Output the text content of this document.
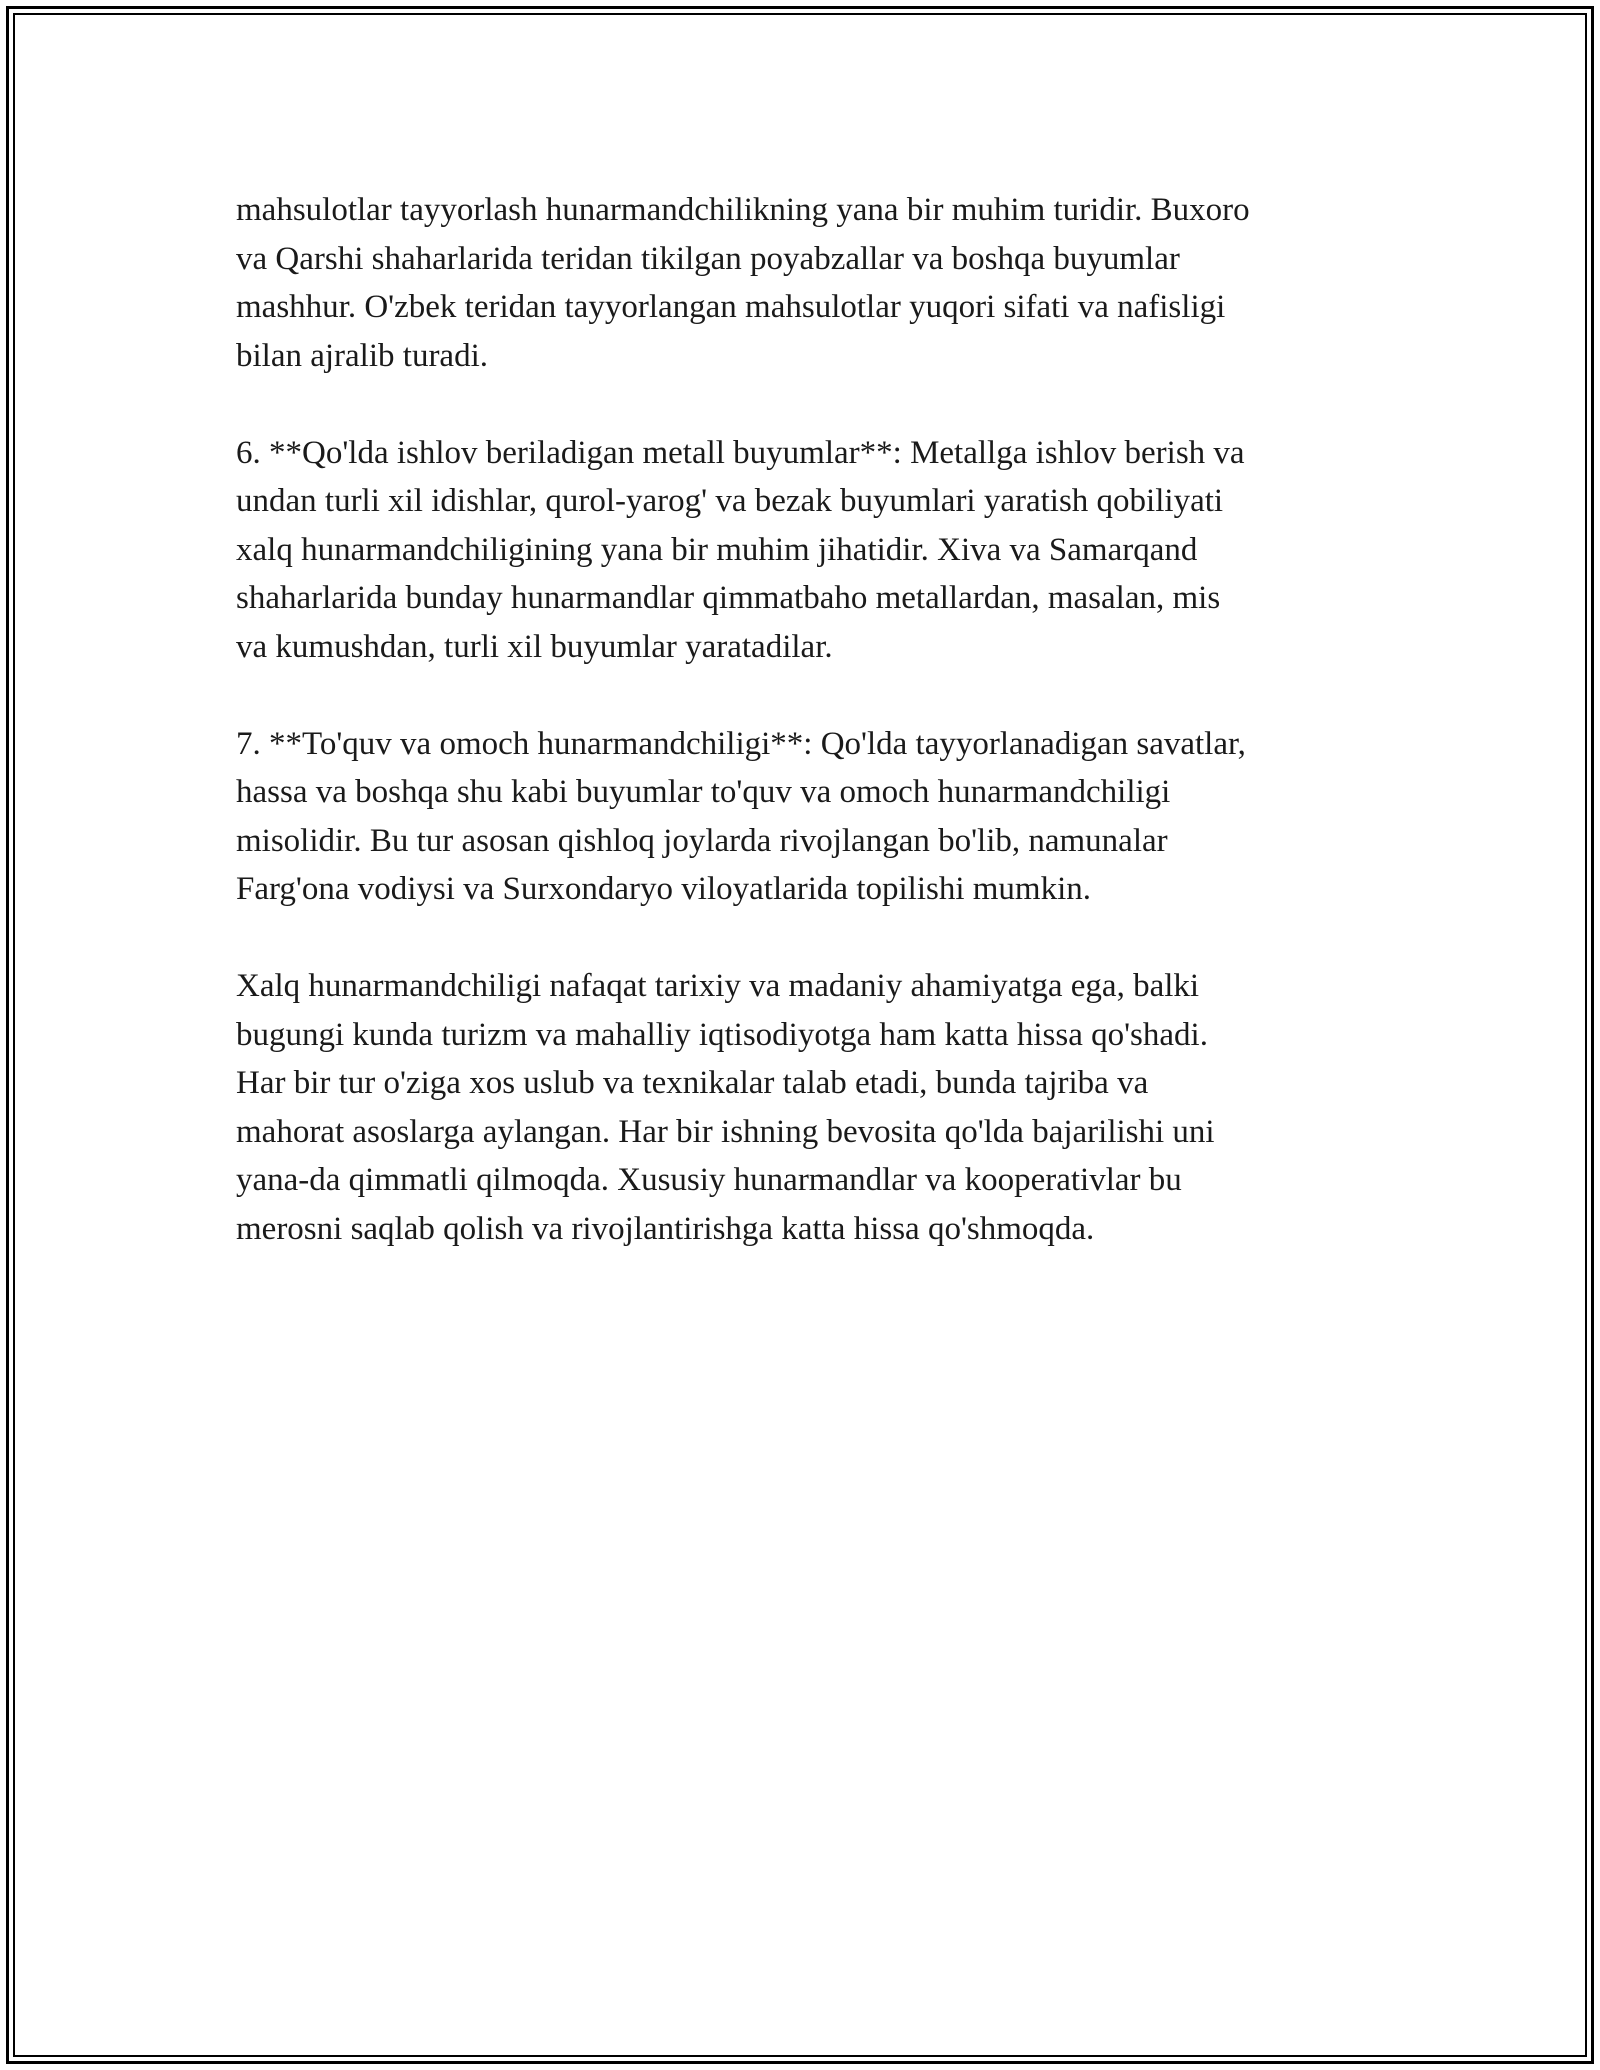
mahsulotlar tayyorlash hunarmandchilikning yana bir muhim turidir. Buxoro
va Qarshi shaharlarida teridan tikilgan poyabzallar va boshqa buyumlar
mashhur. O'zbek teridan tayyorlangan mahsulotlar yuqori sifati va nafisligi
bilan ajralib turadi.

6. **Qo'lda ishlov beriladigan metall buyumlar**: Metallga ishlov berish va
undan turli xil idishlar, qurol-yarog' va bezak buyumlari yaratish qobiliyati
xalq hunarmandchiligining yana bir muhim jihatidir. Xiva va Samarqand
shaharlarida bunday hunarmandlar qimmatbaho metallardan, masalan, mis
va kumushdan, turli xil buyumlar yaratadilar.

7. **To'quv va omoch hunarmandchiligi**: Qo'lda tayyorlanadigan savatlar,
hassa va boshqa shu kabi buyumlar to'quv va omoch hunarmandchiligi
misolidir. Bu tur asosan qishloq joylarda rivojlangan bo'lib, namunalar
Farg'ona vodiysi va Surxondaryo viloyatlarida topilishi mumkin.

Xalq hunarmandchiligi nafaqat tarixiy va madaniy ahamiyatga ega, balki
bugungi kunda turizm va mahalliy iqtisodiyotga ham katta hissa qo'shadi.
Har bir tur o'ziga xos uslub va texnikalar talab etadi, bunda tajriba va
mahorat asoslarga aylangan. Har bir ishning bevosita qo'lda bajarilishi uni
yana-da qimmatli qilmoqda. Xususiy hunarmandlar va kooperativlar bu
merosni saqlab qolish va rivojlantirishga katta hissa qo'shmoqda.
